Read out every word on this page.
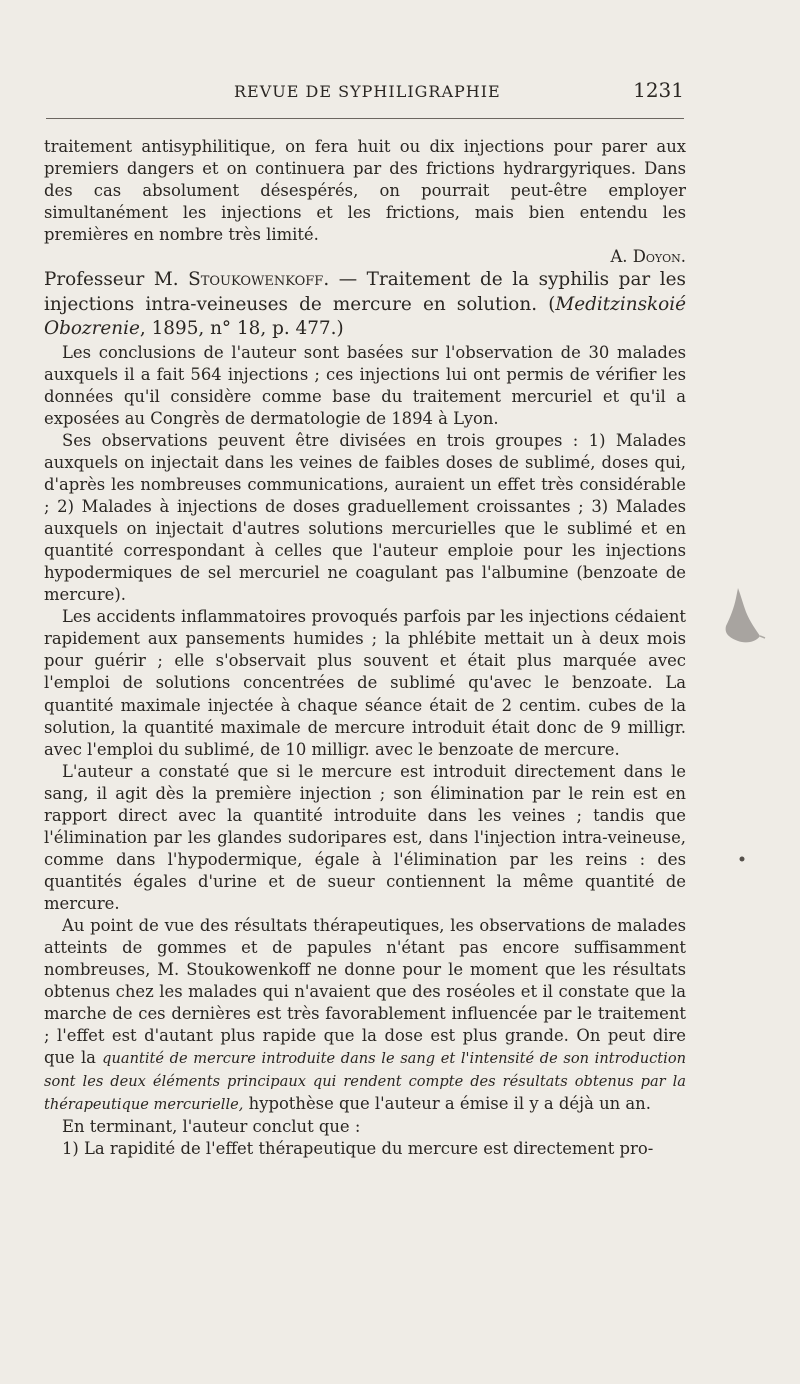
REVUE DE SYPHILIGRAPHIE	1231

traitement antisyphilitique, on fera huit ou dix injections pour parer aux premiers dangers et on continuera par des frictions hydrargyriques. Dans des cas absolument désespérés, on pourrait peut-être employer simultanément les injections et les frictions, mais bien entendu les premières en nombre très limité.

A. Doyon.

Professeur M. Stoukowenkoff. — Traitement de la syphilis par les injections intra-veineuses de mercure en solution. (Meditzinskoié Obozrenie, 1895, n° 18, p. 477.)

Les conclusions de l'auteur sont basées sur l'observation de 30 malades auxquels il a fait 564 injections ; ces injections lui ont permis de vérifier les données qu'il considère comme base du traitement mercuriel et qu'il a exposées au Congrès de dermatologie de 1894 à Lyon.

Ses observations peuvent être divisées en trois groupes : 1) Malades auxquels on injectait dans les veines de faibles doses de sublimé, doses qui, d'après les nombreuses communications, auraient un effet très considérable ; 2) Malades à injections de doses graduellement croissantes ; 3) Malades auxquels on injectait d'autres solutions mercurielles que le sublimé et en quantité correspondant à celles que l'auteur emploie pour les injections hypodermiques de sel mercuriel ne coagulant pas l'albumine (benzoate de mercure).

Les accidents inflammatoires provoqués parfois par les injections cédaient rapidement aux pansements humides ; la phlébite mettait un à deux mois pour guérir ; elle s'observait plus souvent et était plus marquée avec l'emploi de solutions concentrées de sublimé qu'avec le benzoate. La quantité maximale injectée à chaque séance était de 2 centim. cubes de la solution, la quantité maximale de mercure introduit était donc de 9 milligr. avec l'emploi du sublimé, de 10 milligr. avec le benzoate de mercure.

L'auteur a constaté que si le mercure est introduit directement dans le sang, il agit dès la première injection ; son élimination par le rein est en rapport direct avec la quantité introduite dans les veines ; tandis que l'élimination par les glandes sudoripares est, dans l'injection intra-veineuse, comme dans l'hypodermique, égale à l'élimination par les reins : des quantités égales d'urine et de sueur contiennent la même quantité de mercure.

Au point de vue des résultats thérapeutiques, les observations de malades atteints de gommes et de papules n'étant pas encore suffisamment nombreuses, M. Stoukowenkoff ne donne pour le moment que les résultats obtenus chez les malades qui n'avaient que des roséoles et il constate que la marche de ces dernières est très favorablement influencée par le traitement ; l'effet est d'autant plus rapide que la dose est plus grande. On peut dire que la quantité de mercure introduite dans le sang et l'intensité de son introduction sont les deux éléments principaux qui rendent compte des résultats obtenus par la thérapeutique mercurielle, hypothèse que l'auteur a émise il y a déjà un an.

En terminant, l'auteur conclut que :

1) La rapidité de l'effet thérapeutique du mercure est directement pro-
